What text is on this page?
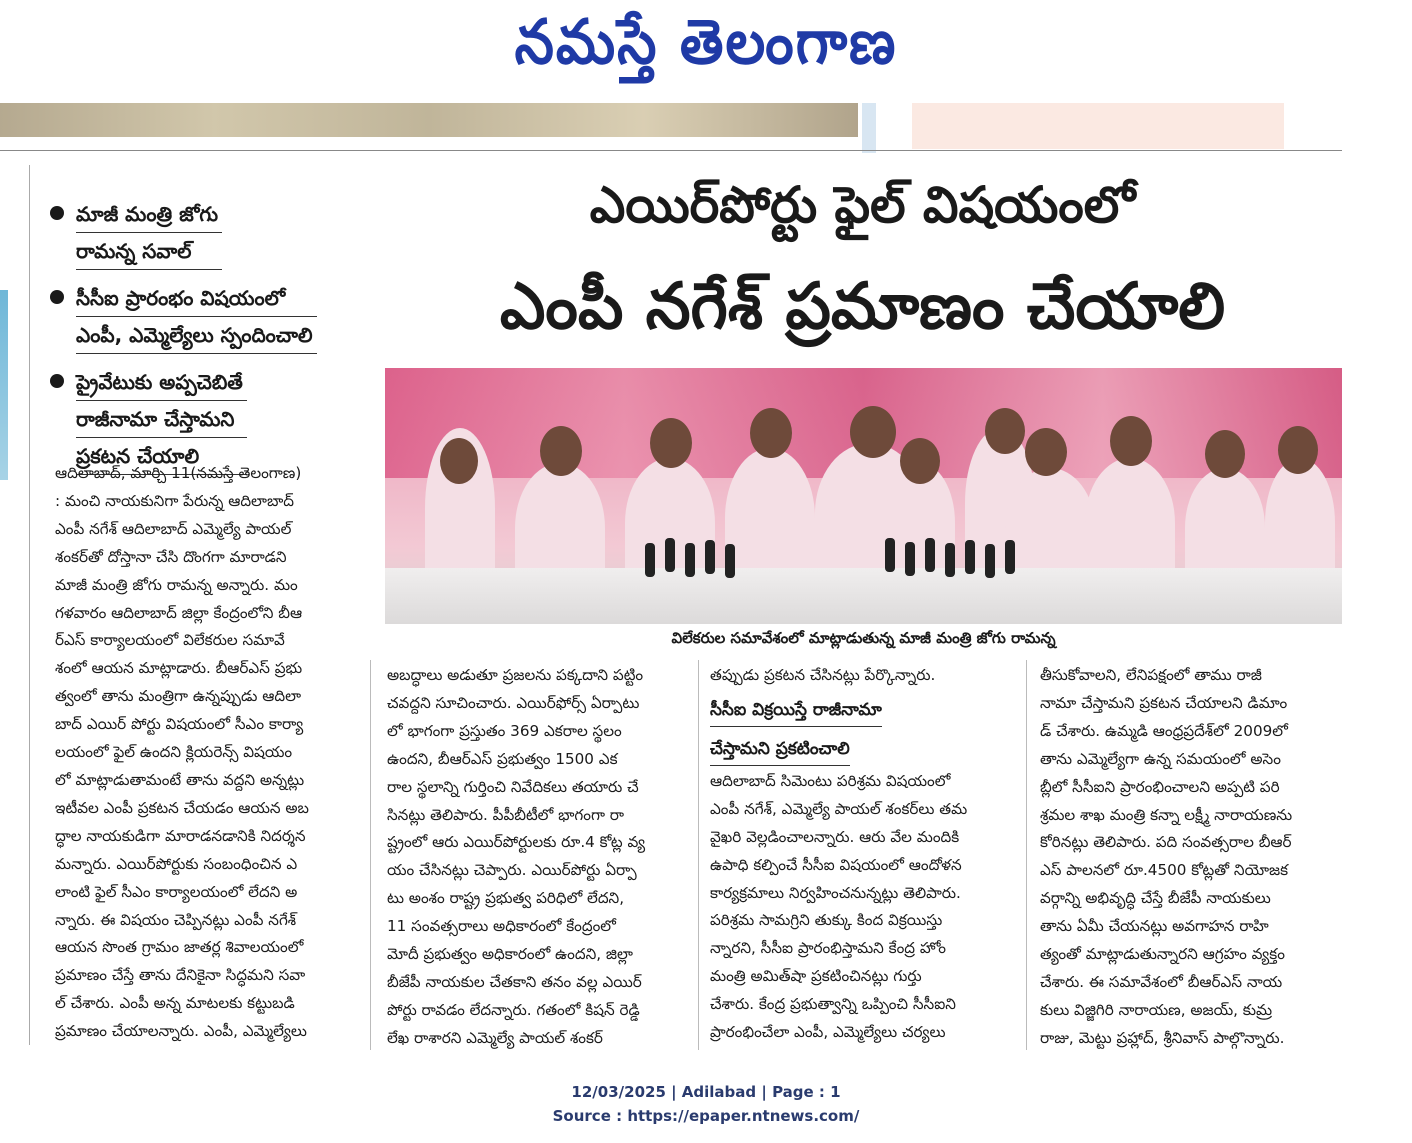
నమస్తే తెలంగాణ
మాజీ మంత్రి జోగు
రామన్న సవాల్
సీసీఐ ప్రారంభం విషయంలో
ఎంపీ, ఎమ్మెల్యేలు స్పందించాలి
ప్రైవేటుకు అప్పచెబితే
రాజీనామా చేస్తామని
ప్రకటన చేయాలి
ఎయిర్‌పోర్టు ఫైల్ విషయంలో
ఎంపీ నగేశ్ ప్రమాణం చేయాలి
విలేకరుల సమావేశంలో మాట్లాడుతున్న మాజీ మంత్రి జోగు రామన్న
ఆదిలాబాద్, మార్చి 11(నమస్తే తెలంగాణ)
: మంచి నాయకునిగా పేరున్న ఆదిలాబాద్
ఎంపీ నగేశ్ ఆదిలాబాద్ ఎమ్మెల్యే పాయల్
శంకర్‌తో దోస్తానా చేసి దొంగగా మారాడని
మాజీ మంత్రి జోగు రామన్న అన్నారు. మం
గళవారం ఆదిలాబాద్ జిల్లా కేంద్రంలోని బీఆ
ర్‌ఎస్ కార్యాలయంలో విలేకరుల సమావే
శంలో ఆయన మాట్లాడారు. బీఆర్‌ఎస్ ప్రభు
త్వంలో తాను మంత్రిగా ఉన్నప్పుడు ఆదిలా
బాద్ ఎయిర్ పోర్టు విషయంలో సీఎం కార్యా
లయంలో ఫైల్ ఉందని క్లియరెన్స్ విషయం
లో మాట్లాడుతామంటే తాను వద్దని అన్నట్లు
ఇటీవల ఎంపీ ప్రకటన చేయడం ఆయన అబ
ద్ధాల నాయకుడిగా మారాడనడానికి నిదర్శన
మన్నారు. ఎయిర్‌పోర్టుకు సంబంధించిన ఎ
లాంటి ఫైల్ సీఎం కార్యాలయంలో లేదని అ
న్నారు. ఈ విషయం చెప్పినట్లు ఎంపీ నగేశ్
ఆయన సొంత గ్రామం జాతర్ల శివాలయంలో
ప్రమాణం చేస్తే తాను దేనికైనా సిద్ధమని సవా
ల్ చేశారు. ఎంపీ అన్న మాటలకు కట్టుబడి
ప్రమాణం చేయాలన్నారు. ఎంపీ, ఎమ్మెల్యేలు
అబద్ధాలు అడుతూ ప్రజలను పక్కదాని పట్టిం
చవద్దని సూచించారు. ఎయిర్‌ఫోర్స్ ఏర్పాటు
లో భాగంగా ప్రస్తుతం 369 ఎకరాల స్థలం
ఉందని, బీఆర్‌ఎస్ ప్రభుత్వం 1500 ఎక
రాల స్థలాన్ని గుర్తించి నివేదికలు తయారు చే
సినట్లు తెలిపారు. పీపీబీటీలో భాగంగా రా
ష్ట్రంలో ఆరు ఎయిర్‌పోర్టులకు రూ.4 కోట్ల వ్య
యం చేసినట్లు చెప్పారు. ఎయిర్‌పోర్టు ఏర్పా
టు అంశం రాష్ట్ర ప్రభుత్వ పరిధిలో లేదని,
11 సంవత్సరాలు అధికారంలో కేంద్రంలో
మోదీ ప్రభుత్వం అధికారంలో ఉందని, జిల్లా
బీజేపీ నాయకుల చేతకాని తనం వల్ల ఎయిర్
పోర్టు రావడం లేదన్నారు. గతంలో కిషన్ రెడ్డి
లేఖ రాశారని ఎమ్మెల్యే పాయల్ శంకర్
తప్పుడు ప్రకటన చేసినట్లు పేర్కొన్నారు.
సీసీఐ విక్రయిస్తే రాజీనామా
చేస్తామని ప్రకటించాలి
ఆదిలాబాద్ సిమెంటు పరిశ్రమ విషయంలో
ఎంపీ నగేశ్, ఎమ్మెల్యే పాయల్ శంకర్‌లు తమ
వైఖరి వెల్లడించాలన్నారు. ఆరు వేల మందికి
ఉపాధి కల్పించే సీసీఐ విషయంలో ఆందోళన
కార్యక్రమాలు నిర్వహించనున్నట్లు తెలిపారు.
పరిశ్రమ సామగ్రిని తుక్కు కింద విక్రయిస్తు
న్నారని, సీసీఐ ప్రారంభిస్తామని కేంద్ర హోం
మంత్రి అమిత్‌షా ప్రకటించినట్లు గుర్తు
చేశారు. కేంద్ర ప్రభుత్వాన్ని ఒప్పించి సీసీఐని
ప్రారంభించేలా ఎంపీ, ఎమ్మెల్యేలు చర్యలు
తీసుకోవాలని, లేనిపక్షంలో తాము రాజీ
నామా చేస్తామని ప్రకటన చేయాలని డిమాం
డ్ చేశారు. ఉమ్మడి ఆంధ్రప్రదేశ్‌లో 2009లో
తాను ఎమ్మెల్యేగా ఉన్న సమయంలో అసెం
బ్లీలో సీసీఐని ప్రారంభించాలని అప్పటి పరి
శ్రమల శాఖ మంత్రి కన్నా లక్ష్మీ నారాయణను
కోరినట్లు తెలిపారు. పది సంవత్సరాల బీఆర్
ఎస్ పాలనలో రూ.4500 కోట్లతో నియోజక
వర్గాన్ని అభివృద్ధి చేస్తే బీజేపీ నాయకులు
తాను ఏమీ చేయనట్లు అవగాహన రాహి
త్యంతో మాట్లాడుతున్నారని ఆగ్రహం వ్యక్తం
చేశారు. ఈ సమావేశంలో బీఆర్‌ఎస్ నాయ
కులు విజ్జిగిరి నారాయణ, అజయ్, కుమ్ర
రాజు, మెట్టు ప్రహ్లాద్, శ్రీనివాస్ పాల్గొన్నారు.
12/03/2025 | Adilabad | Page : 1
Source : https://epaper.ntnews.com/
